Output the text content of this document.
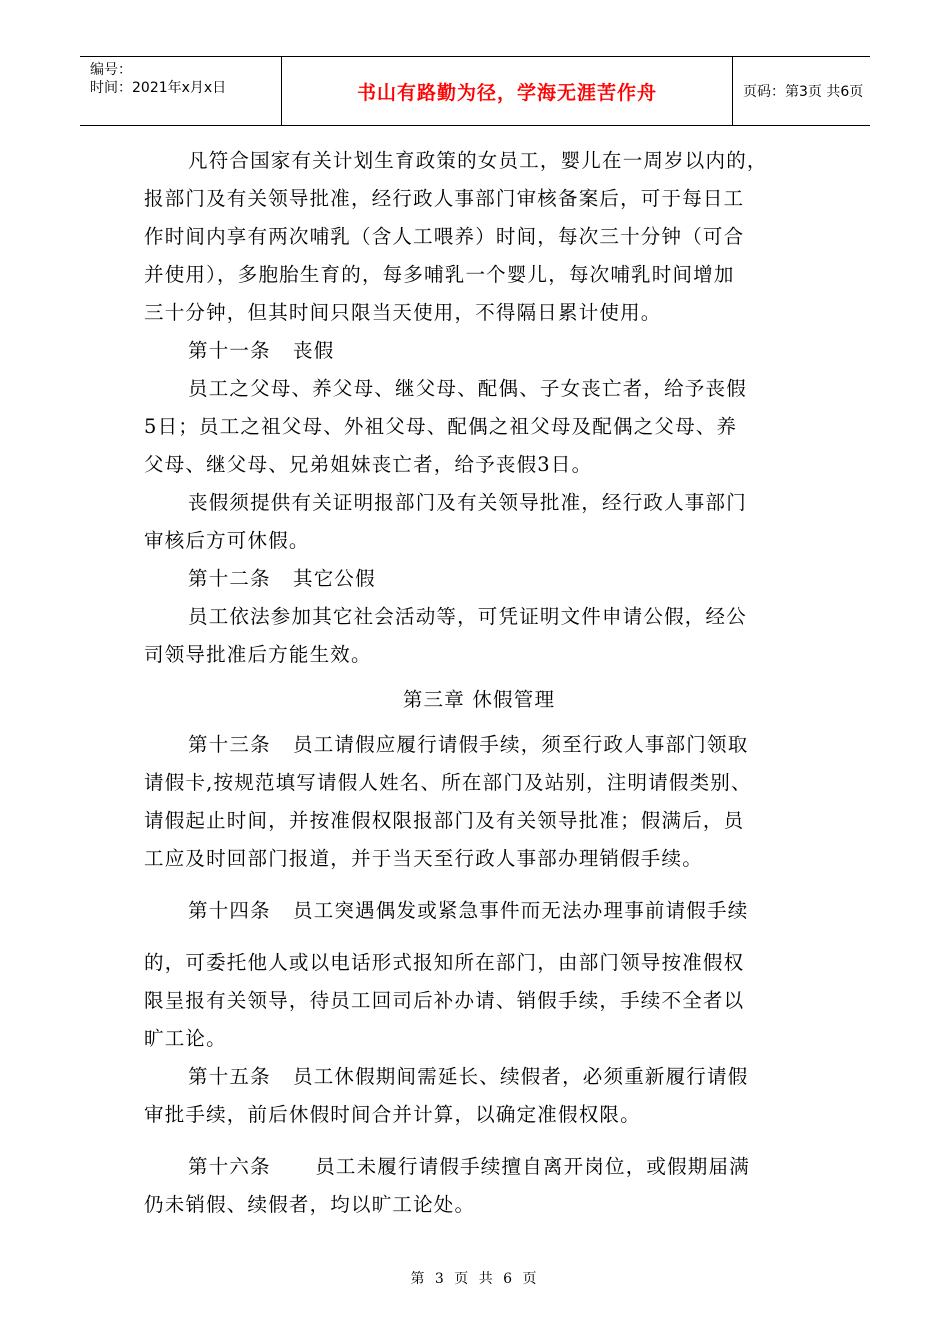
编号：
时间：2021年x月x日	书山有路勤为径，学海无涯苦作舟	页码：第3页 共6页
凡符合国家有关计划生育政策的女员工，婴儿在一周岁以内的，
报部门及有关领导批准，经行政人事部门审核备案后，可于每日工
作时间内享有两次哺乳（含人工喂养）时间，每次三十分钟（可合
并使用），多胞胎生育的，每多哺乳一个婴儿，每次哺乳时间增加
三十分钟，但其时间只限当天使用，不得隔日累计使用。
第十一条   丧假
员工之父母、养父母、继父母、配偶、子女丧亡者，给予丧假
5日；员工之祖父母、外祖父母、配偶之祖父母及配偶之父母、养
父母、继父母、兄弟姐妹丧亡者，给予丧假3日。
丧假须提供有关证明报部门及有关领导批准，经行政人事部门
审核后方可休假。
第十二条   其它公假
员工依法参加其它社会活动等，可凭证明文件申请公假，经公
司领导批准后方能生效。
第三章 休假管理
第十三条   员工请假应履行请假手续，须至行政人事部门领取
请假卡,按规范填写请假人姓名、所在部门及站别，注明请假类别、
请假起止时间，并按准假权限报部门及有关领导批准；假满后，员
工应及时回部门报道，并于当天至行政人事部办理销假手续。
第十四条   员工突遇偶发或紧急事件而无法办理事前请假手续
的，可委托他人或以电话形式报知所在部门，由部门领导按准假权
限呈报有关领导，待员工回司后补办请、销假手续，手续不全者以
旷工论。
第十五条   员工休假期间需延长、续假者，必须重新履行请假
审批手续，前后休假时间合并计算，以确定准假权限。
第十六条      员工未履行请假手续擅自离开岗位，或假期届满
仍未销假、续假者，均以旷工论处。
第 3 页 共 6 页
